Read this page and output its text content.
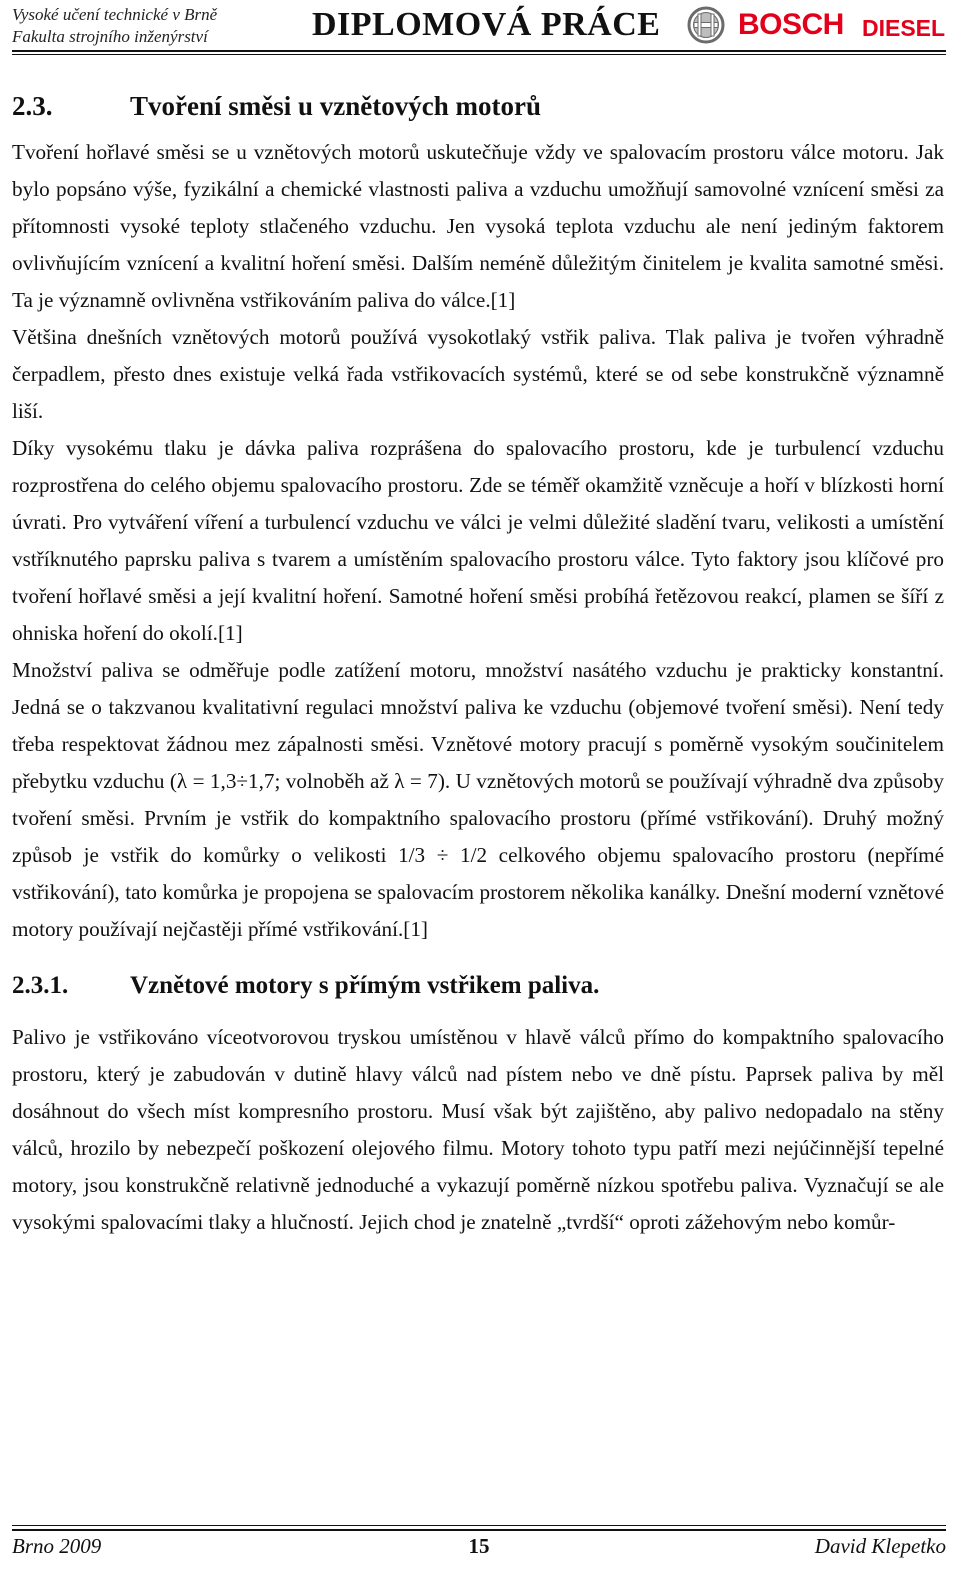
Vysoké učení technické v Brně
Fakulta strojního inženýrství	DIPLOMOVÁ PRÁCE	BOSCH DIESEL
2.3.	Tvoření směsi u vznětových motorů

Tvoření hořlavé směsi se u vznětových motorů uskutečňuje vždy ve spalovacím prostoru válce motoru. Jak bylo popsáno výše, fyzikální a chemické vlastnosti paliva a vzduchu umožňují samovolné vznícení směsi za přítomnosti vysoké teploty stlačeného vzduchu. Jen vysoká teplota vzduchu ale není jediným faktorem ovlivňujícím vznícení a kvalitní hoření směsi. Dalším neméně důležitým činitelem je kvalita samotné směsi. Ta je významně ovlivněna vstřikováním paliva do válce.[1]

Většina dnešních vznětových motorů používá vysokotlaký vstřik paliva. Tlak paliva je tvořen výhradně čerpadlem, přesto dnes existuje velká řada vstřikovacích systémů, které se od sebe konstrukčně významně liší.

Díky vysokému tlaku je dávka paliva rozprášena do spalovacího prostoru, kde je turbulencí vzduchu rozprostřena do celého objemu spalovacího prostoru. Zde se téměř okamžitě vzněcuje a hoří v blízkosti horní úvrati. Pro vytváření víření a turbulencí vzduchu ve válci je velmi důležité sladění tvaru, velikosti a umístění vstříknutého paprsku paliva s tvarem a umístěním spalovacího prostoru válce. Tyto faktory jsou klíčové pro tvoření hořlavé směsi a její kvalitní hoření. Samotné hoření směsi probíhá řetězovou reakcí, plamen se šíří z ohniska hoření do okolí.[1]

Množství paliva se odměřuje podle zatížení motoru, množství nasátého vzduchu je prakticky konstantní. Jedná se o takzvanou kvalitativní regulaci množství paliva ke vzduchu (objemové tvoření směsi). Není tedy třeba respektovat žádnou mez zápalnosti směsi. Vznětové motory pracují s poměrně vysokým součinitelem přebytku vzduchu (λ = 1,3÷1,7; volnoběh až λ = 7). U vznětových motorů se používají výhradně dva způsoby tvoření směsi. Prvním je vstřik do kompaktního spalovacího prostoru (přímé vstřikování). Druhý možný způsob je vstřik do komůrky o velikosti 1/3 ÷ 1/2 celkového objemu spalovacího prostoru (nepřímé vstřikování), tato komůrka je propojena se spalovacím prostorem několika kanálky. Dnešní moderní vznětové motory používají nejčastěji přímé vstřikování.[1]

2.3.1. Vznětové motory s přímým vstřikem paliva.

Palivo je vstřikováno víceotvorovou tryskou umístěnou v hlavě válců přímo do kompaktního spalovacího prostoru, který je zabudován v dutině hlavy válců nad pístem nebo ve dně pístu. Paprsek paliva by měl dosáhnout do všech míst kompresního prostoru. Musí však být zajištěno, aby palivo nedopadalo na stěny válců, hrozilo by nebezpečí poškození olejového filmu. Motory tohoto typu patří mezi nejúčinnější tepelné motory, jsou konstrukčně relativně jednoduché a vykazují poměrně nízkou spotřebu paliva. Vyznačují se ale vysokými spalovacími tlaky a hlučností. Jejich chod je znatelně „tvrdší“ oproti zážehovým nebo komůr-

Brno 2009	15	David Klepetko
